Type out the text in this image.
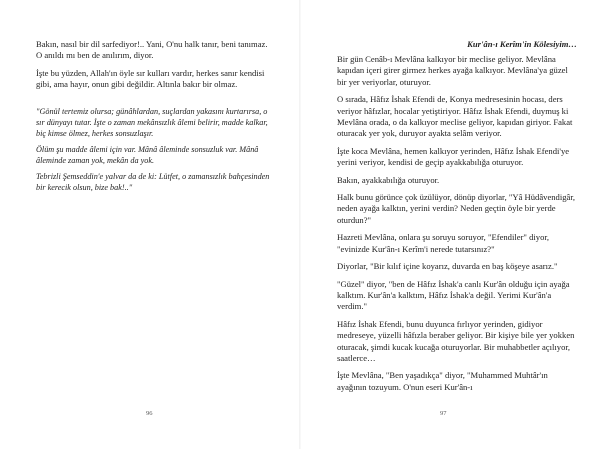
Bakın, nasıl bir dil sarfediyor!.. Yani, O'nu halk tanır, beni tanımaz. O anıldı mı ben de anılırım, diyor.

İşte bu yüzden, Allah'ın öyle sır kulları vardır, herkes sanır kendisi gibi, ama hayır, onun gibi değildir. Altınla bakır bir olmaz.

"Gönül tertemiz olursa; günâhlardan, suçlardan yakasını kurtarırsa, o sır dünyayı tutar. İşte o zaman mekânsızlık âlemi belirir, madde kalkar, biç kimse ölmez, herkes sonsuzlaşır.

Ölüm şu madde âlemi için var. Mânâ âleminde sonsuzluk var. Mânâ âleminde zaman yok, mekân da yok.

Tebrizli Şemseddin'e yalvar da de ki: Lütfet, o zamansızlık bahçesinden bir kerecik olsun, bize bak!.."

96
Kur'ân-ı Kerîm'in Kölesiyim…

Bir gün Cenâb-ı Mevlâna kalkıyor bir meclise geliyor. Mevlâna kapıdan içeri girer girmez herkes ayağa kalkıyor. Mevlâna'ya güzel bir yer veriyorlar, oturuyor.

O sırada, Hâfız İshak Efendi de, Konya medresesinin hocası, ders veriyor hâfızlar, hocalar yetiştiriyor. Hâfız İshak Efendi, duymuş ki Mevlâna orada, o da kalkıyor meclise geliyor, kapıdan giriyor. Fakat oturacak yer yok, duruyor ayakta selâm veriyor.

İşte koca Mevlâna, hemen kalkıyor yerinden, Hâfız İshak Efendi'ye yerini veriyor, kendisi de geçip ayakkabılığa oturuyor.

Bakın, ayakkabılığa oturuyor.

Halk bunu görünce çok üzülüyor, dönüp diyorlar, "Yâ Hüdâvendigâr, neden ayağa kalktın, yerini verdin? Neden geçtin öyle bir yerde oturdun?"

Hazreti Mevlâna, onlara şu soruyu soruyor, "Efendiler" diyor, "evinizde Kur'ân-ı Kerîm'i nerede tutarsınız?"

Diyorlar, "Bir kılıf içine koyarız, duvarda en baş köşeye asarız."

"Güzel" diyor, "ben de Hâfız İshak'a canlı Kur'ân olduğu için ayağa kalktım. Kur'ân'a kalktım, Hâfız İshak'a değil. Yerimi Kur'ân'a verdim."

Hâfız İshak Efendi, bunu duyunca fırlıyor yerinden, gidiyor medreseye, yüzelli hâfızla beraber geliyor. Bir kişiye bile yer yokken oturacak, şimdi kucak kucağa oturuyorlar. Bir muhabbetler açılıyor, saatlerce…

İşte Mevlâna, "Ben yaşadıkça" diyor, "Muhammed Muhtâr'ın ayağının tozuyum. O'nun eseri Kur'ân-ı

97
